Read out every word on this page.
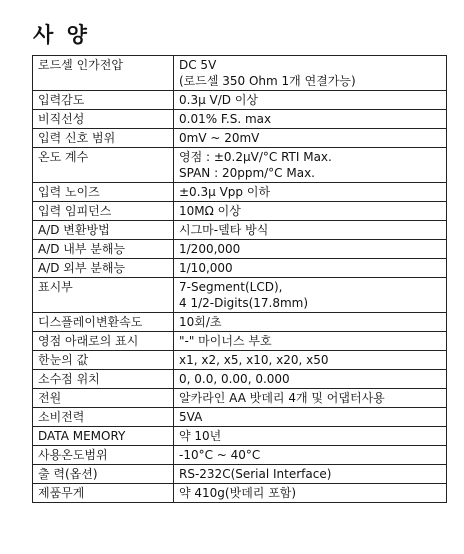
사 양
로드셀 인가전압	DC 5V
(로드셀 350 Ohm 1개 연결가능)

입력감도	0.3μ V/D 이상

비직선성	0.01% F.S. max

입력 신호 범위	0mV ~ 20mV

온도 계수	영점 : ±0.2μV/°C RTI Max.
SPAN : 20ppm/°C Max.

입력 노이즈	±0.3μ Vpp 이하

입력 임피던스	10MΩ 이상

A/D 변환방법	시그마-델타 방식

A/D 내부 분해능	1/200,000

A/D 외부 분해능	1/10,000

표시부	7-Segment(LCD),
4 1/2-Digits(17.8mm)

디스플레이변환속도	10회/초

영점 아래로의 표시	"-" 마이너스 부호

한눈의 값	x1, x2, x5, x10, x20, x50

소수점 위치	0, 0.0, 0.00, 0.000

전원	알카라인 AA 밧데리 4개 및 어댑터사용

소비전력	5VA

DATA MEMORY	약 10년

사용온도범위	-10°C ~ 40°C

출 력(옵션)	RS-232C(Serial Interface)

제품무게	약 410g(밧데리 포함)
